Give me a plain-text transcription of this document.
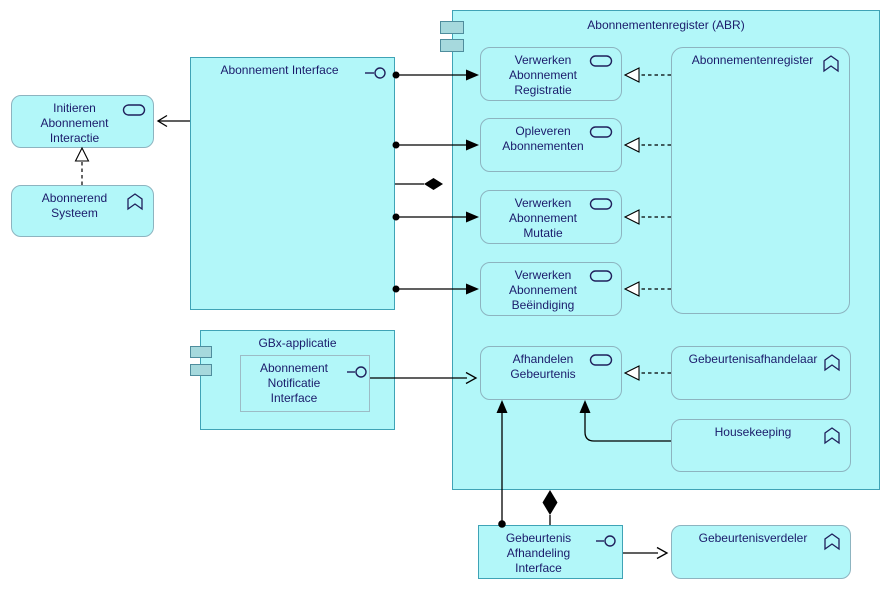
Abonnementenregister (ABR)
Initieren Abonnement Interactie
Abonnerend Systeem
Abonnement Interface
GBx-applicatie
Abonnement Notificatie Interface
Verwerken Abonnement Registratie
Opleveren Abonnementen
Verwerken Abonnement Mutatie
Verwerken Abonnement Beëindiging
Afhandelen Gebeurtenis
Abonnementenregister
Gebeurtenisafhandelaar
Housekeeping
Gebeurtenis Afhandeling Interface
Gebeurtenisverdeler
